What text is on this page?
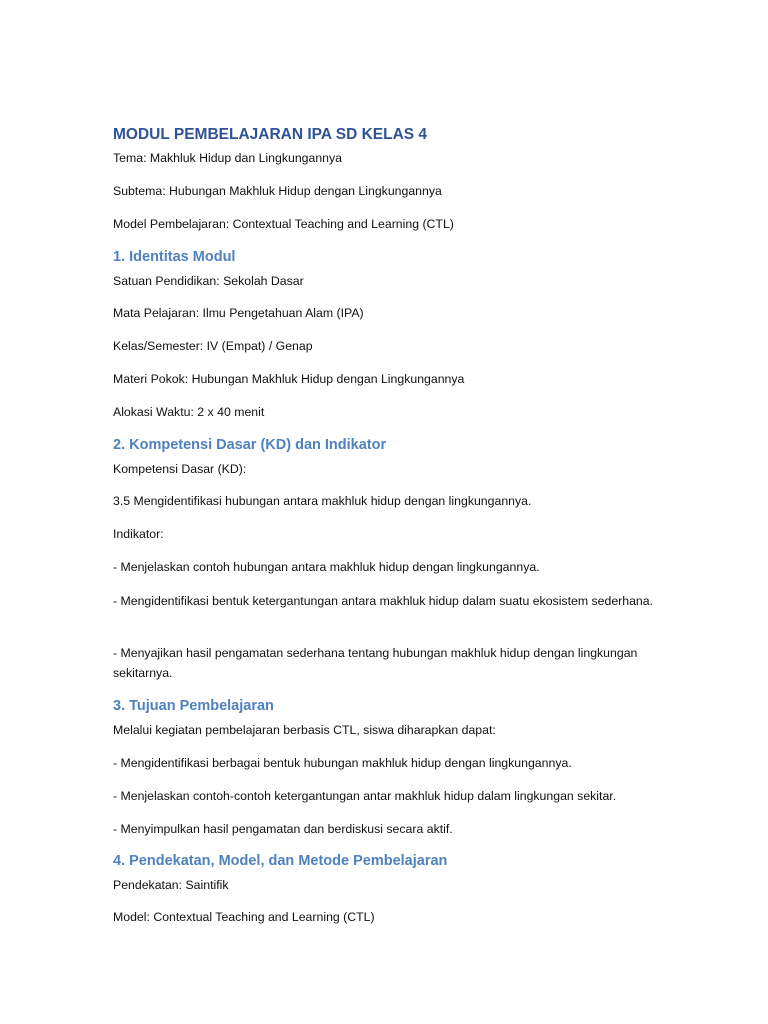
MODUL PEMBELAJARAN IPA SD KELAS 4
Tema: Makhluk Hidup dan Lingkungannya
Subtema: Hubungan Makhluk Hidup dengan Lingkungannya
Model Pembelajaran: Contextual Teaching and Learning (CTL)
1. Identitas Modul
Satuan Pendidikan: Sekolah Dasar
Mata Pelajaran: Ilmu Pengetahuan Alam (IPA)
Kelas/Semester: IV (Empat) / Genap
Materi Pokok: Hubungan Makhluk Hidup dengan Lingkungannya
Alokasi Waktu: 2 x 40 menit
2. Kompetensi Dasar (KD) dan Indikator
Kompetensi Dasar (KD):
3.5 Mengidentifikasi hubungan antara makhluk hidup dengan lingkungannya.
Indikator:
- Menjelaskan contoh hubungan antara makhluk hidup dengan lingkungannya.
- Mengidentifikasi bentuk ketergantungan antara makhluk hidup dalam suatu ekosistem sederhana.
- Menyajikan hasil pengamatan sederhana tentang hubungan makhluk hidup dengan lingkungan sekitarnya.
3. Tujuan Pembelajaran
Melalui kegiatan pembelajaran berbasis CTL, siswa diharapkan dapat:
- Mengidentifikasi berbagai bentuk hubungan makhluk hidup dengan lingkungannya.
- Menjelaskan contoh-contoh ketergantungan antar makhluk hidup dalam lingkungan sekitar.
- Menyimpulkan hasil pengamatan dan berdiskusi secara aktif.
4. Pendekatan, Model, dan Metode Pembelajaran
Pendekatan: Saintifik
Model: Contextual Teaching and Learning (CTL)
